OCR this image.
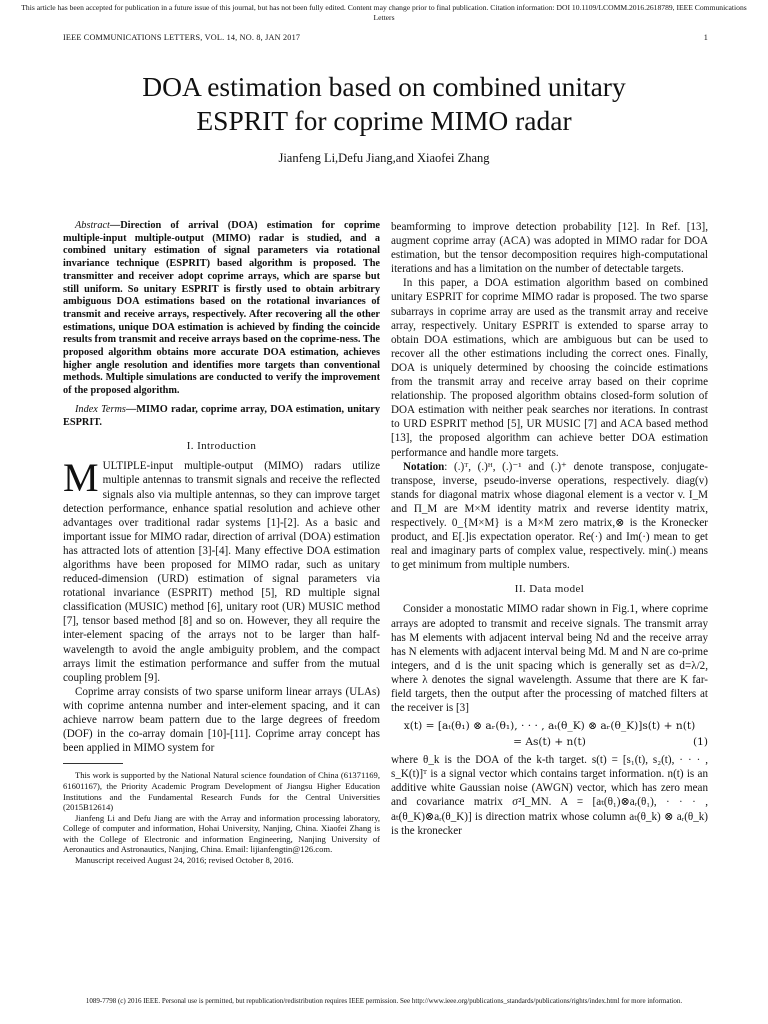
This article has been accepted for publication in a future issue of this journal, but has not been fully edited. Content may change prior to final publication. Citation information: DOI 10.1109/LCOMM.2016.2618789, IEEE Communications Letters
IEEE COMMUNICATIONS LETTERS, VOL. 14, NO. 8, JAN 2017	1
DOA estimation based on combined unitary
ESPRIT for coprime MIMO radar
Jianfeng Li,Defu Jiang,and Xiaofei Zhang

Abstract—Direction of arrival (DOA) estimation for coprime multiple-input multiple-output (MIMO) radar is studied, and a combined unitary estimation of signal parameters via rotational invariance technique (ESPRIT) based algorithm is proposed. The transmitter and receiver adopt coprime arrays, which are sparse but still uniform. So unitary ESPRIT is firstly used to obtain arbitrary ambiguous DOA estimations based on the rotational invariances of transmit and receive arrays, respectively. After recovering all the other estimations, unique DOA estimation is achieved by finding the coincide results from transmit and receive arrays based on the coprime-ness. The proposed algorithm obtains more accurate DOA estimation, achieves higher angle resolution and identifies more targets than conventional methods. Multiple simulations are conducted to verify the improvement of the proposed algorithm.

Index Terms—MIMO radar, coprime array, DOA estimation, unitary ESPRIT.

I. Introduction

MULTIPLE-input multiple-output (MIMO) radars utilize multiple antennas to transmit signals and receive the reflected signals also via multiple antennas, so they can improve target detection performance, enhance spatial resolution and achieve other advantages over traditional radar systems [1]-[2]. As a basic and important issue for MIMO radar, direction of arrival (DOA) estimation has attracted lots of attention [3]-[4]. Many effective DOA estimation algorithms have been proposed for MIMO radar, such as unitary reduced-dimension (URD) estimation of signal parameters via rotational invariance (ESPRIT) method [5], RD multiple signal classification (MUSIC) method [6], unitary root (UR) MUSIC method [7], tensor based method [8] and so on. However, they all require the inter-element spacing of the arrays not to be larger than half-wavelength to avoid the angle ambiguity problem, and the compact arrays limit the estimation performance and suffer from the mutual coupling problem [9].

Coprime array consists of two sparse uniform linear arrays (ULAs) with coprime antenna number and inter-element spacing, and it can achieve narrow beam pattern due to the large degrees of freedom (DOF) in the co-array domain [10]-[11]. Coprime array concept has been applied in MIMO system for

This work is supported by the National Natural science foundation of China (61371169, 61601167), the Priority Academic Program Development of Jiangsu Higher Education Institutions and the Fundamental Research Funds for the Central Universities (2015B12614)

Jianfeng Li and Defu Jiang are with the Array and information processing laboratory, College of computer and information, Hohai University, Nanjing, China. Xiaofei Zhang is with the College of Electronic and information Engineering, Nanjing University of Aeronautics and Astronautics, Nanjing, China. Email: lijianfengtin@126.com.

Manuscript received August 24, 2016; revised October 8, 2016.

beamforming to improve detection probability [12]. In Ref. [13], augment coprime array (ACA) was adopted in MIMO radar for DOA estimation, but the tensor decomposition requires high-computational iterations and has a limitation on the number of detectable targets.

In this paper, a DOA estimation algorithm based on combined unitary ESPRIT for coprime MIMO radar is proposed. The two sparse subarrays in coprime array are used as the transmit array and receive array, respectively. Unitary ESPRIT is extended to sparse array to obtain DOA estimations, which are ambiguous but can be used to recover all the other estimations including the correct ones. Finally, DOA is uniquely determined by choosing the coincide estimations from the transmit array and receive array based on their coprime relationship. The proposed algorithm obtains closed-form solution of DOA estimation with neither peak searches nor iterations. In contrast to URD ESPRIT method [5], UR MUSIC [7] and ACA based method [13], the proposed algorithm can achieve better DOA estimation performance and handle more targets.

Notation: (.)ᵀ, (.)ᴴ, (.)⁻¹ and (.)⁺ denote transpose, conjugate-transpose, inverse, pseudo-inverse operations, respectively. diag(v) stands for diagonal matrix whose diagonal element is a vector v. I_M and Π_M are M×M identity matrix and reverse identity matrix, respectively. 0_{M×M} is a M×M zero matrix,⊗ is the Kronecker product, and E[.]is expectation operator. Re(·) and Im(·) mean to get real and imaginary parts of complex value, respectively. min(.) means to get minimum from multiple numbers.

II. Data model

Consider a monostatic MIMO radar shown in Fig.1, where coprime arrays are adopted to transmit and receive signals. The transmit array has M elements with adjacent interval being Nd and the receive array has N elements with adjacent interval being Md. M and N are co-prime integers, and d is the unit spacing which is generally set as d=λ/2, where λ denotes the signal wavelength. Assume that there are K far-field targets, then the output after the processing of matched filters at the receiver is [3]

x(t) = [aₜ(θ₁) ⊗ aᵣ(θ₁), · · · , aₜ(θ_K) ⊗ aᵣ(θ_K)]s(t) + n(t)
= As(t) + n(t)	(1)

where θ_k is the DOA of the k-th target. s(t) = [s₁(t), s₂(t), · · · , s_K(t)]ᵀ is a signal vector which contains target information. n(t) is an additive white Gaussian noise (AWGN) vector, which has zero mean and covariance matrix σ²I_MN. A = [aₜ(θ₁)⊗aᵣ(θ₁), · · · , aₜ(θ_K)⊗aᵣ(θ_K)] is direction matrix whose column aₜ(θ_k) ⊗ aᵣ(θ_k) is the kronecker

1089-7798 (c) 2016 IEEE. Personal use is permitted, but republication/redistribution requires IEEE permission. See http://www.ieee.org/publications_standards/publications/rights/index.html for more information.
